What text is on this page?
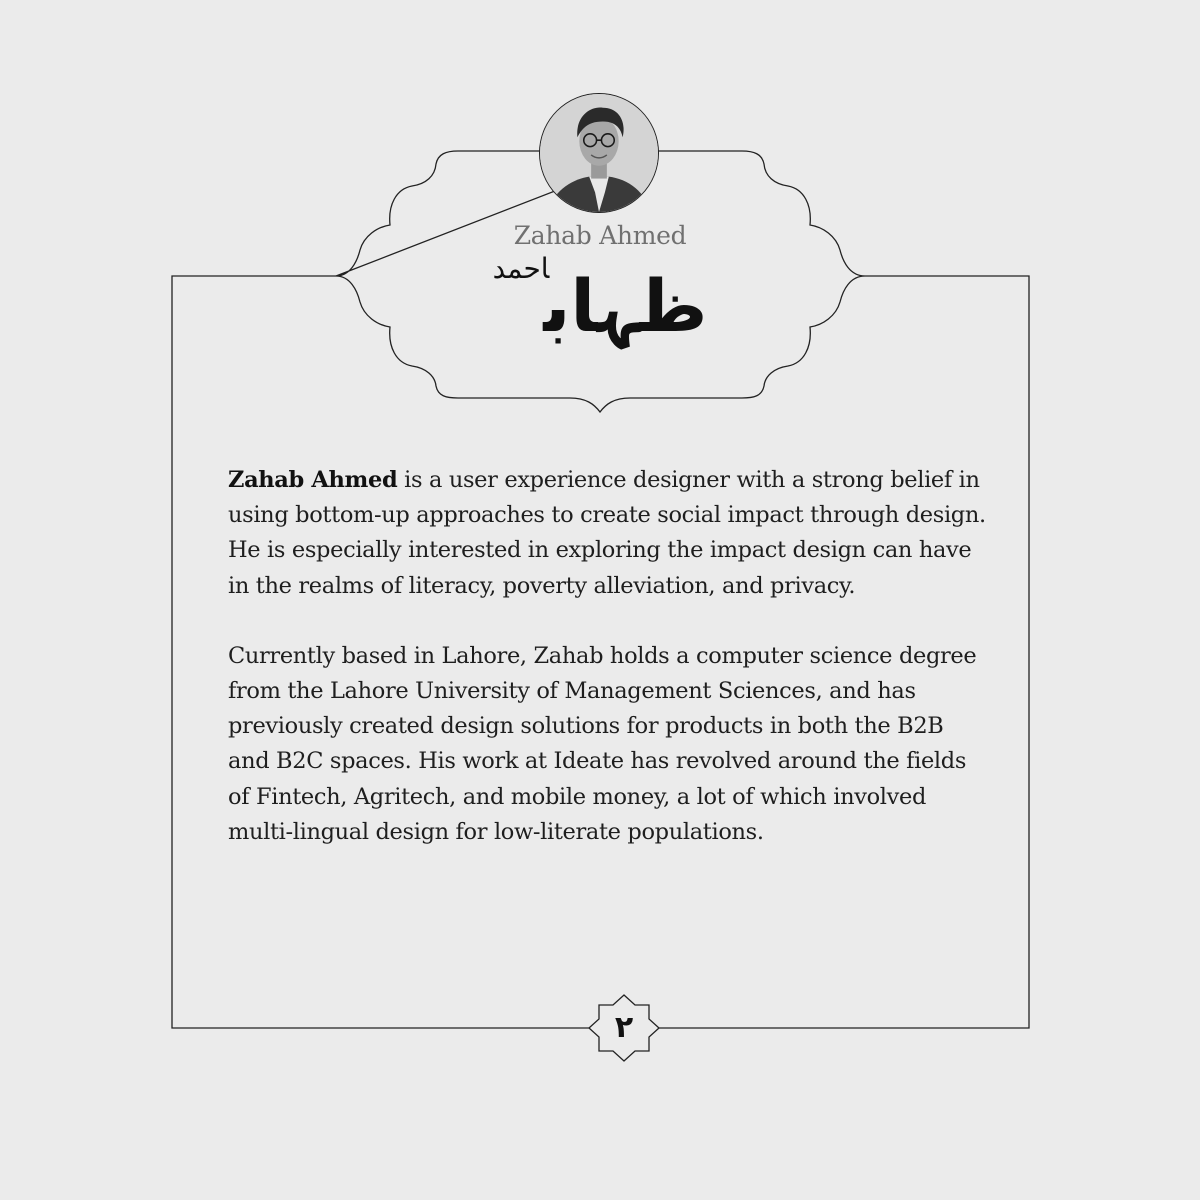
Zahab Ahmed
ظہاباحمد

Zahab Ahmed is a user experience designer with a strong belief in using bottom-up approaches to create social impact through design. He is especially interested in exploring the impact design can have in the realms of literacy, poverty alleviation, and privacy.

Currently based in Lahore, Zahab holds a computer science degree from the Lahore University of Management Sciences, and has previously created design solutions for products in both the B2B and B2C spaces. His work at Ideate has revolved around the fields of Fintech, Agritech, and mobile money, a lot of which involved multi-lingual design for low-literate populations.

۲
